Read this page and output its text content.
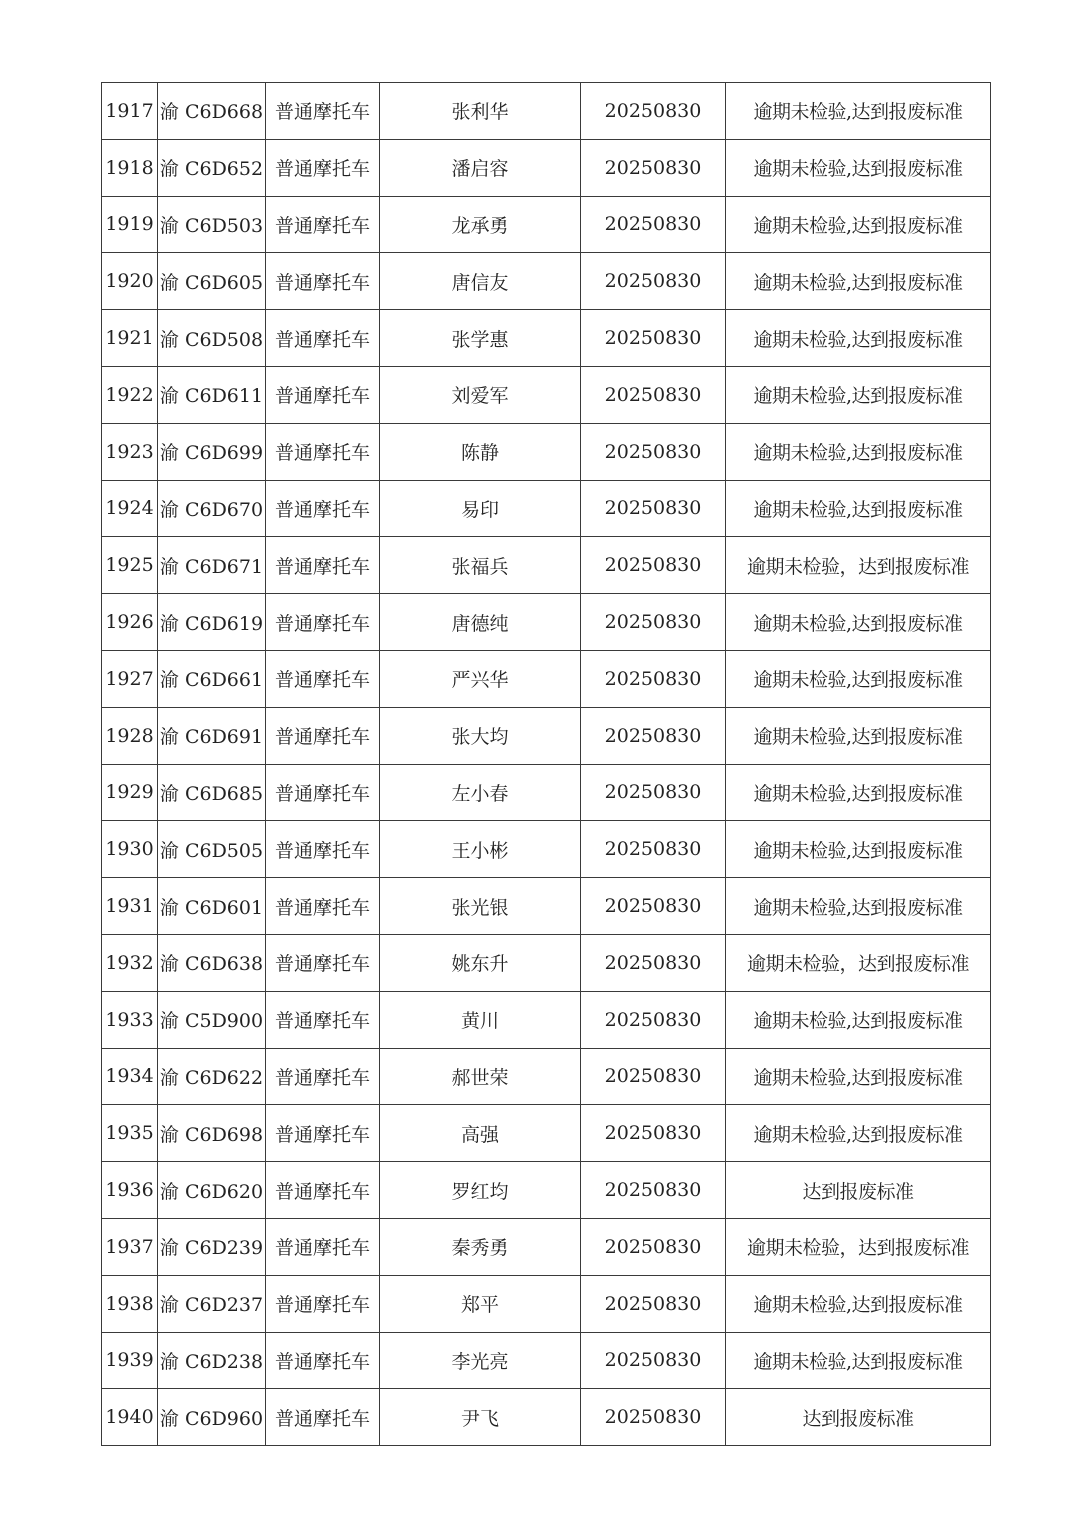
1917	渝 C6D668	普通摩托车	张利华	20250830	逾期未检验,达到报废标准
1918	渝 C6D652	普通摩托车	潘启容	20250830	逾期未检验,达到报废标准
1919	渝 C6D503	普通摩托车	龙承勇	20250830	逾期未检验,达到报废标准
1920	渝 C6D605	普通摩托车	唐信友	20250830	逾期未检验,达到报废标准
1921	渝 C6D508	普通摩托车	张学惠	20250830	逾期未检验,达到报废标准
1922	渝 C6D611	普通摩托车	刘爱军	20250830	逾期未检验,达到报废标准
1923	渝 C6D699	普通摩托车	陈静	20250830	逾期未检验,达到报废标准
1924	渝 C6D670	普通摩托车	易印	20250830	逾期未检验,达到报废标准
1925	渝 C6D671	普通摩托车	张福兵	20250830	逾期未检验，达到报废标准
1926	渝 C6D619	普通摩托车	唐德纯	20250830	逾期未检验,达到报废标准
1927	渝 C6D661	普通摩托车	严兴华	20250830	逾期未检验,达到报废标准
1928	渝 C6D691	普通摩托车	张大均	20250830	逾期未检验,达到报废标准
1929	渝 C6D685	普通摩托车	左小春	20250830	逾期未检验,达到报废标准
1930	渝 C6D505	普通摩托车	王小彬	20250830	逾期未检验,达到报废标准
1931	渝 C6D601	普通摩托车	张光银	20250830	逾期未检验,达到报废标准
1932	渝 C6D638	普通摩托车	姚东升	20250830	逾期未检验，达到报废标准
1933	渝 C5D900	普通摩托车	黄川	20250830	逾期未检验,达到报废标准
1934	渝 C6D622	普通摩托车	郝世荣	20250830	逾期未检验,达到报废标准
1935	渝 C6D698	普通摩托车	高强	20250830	逾期未检验,达到报废标准
1936	渝 C6D620	普通摩托车	罗红均	20250830	达到报废标准
1937	渝 C6D239	普通摩托车	秦秀勇	20250830	逾期未检验，达到报废标准
1938	渝 C6D237	普通摩托车	郑平	20250830	逾期未检验,达到报废标准
1939	渝 C6D238	普通摩托车	李光亮	20250830	逾期未检验,达到报废标准
1940	渝 C6D960	普通摩托车	尹飞	20250830	达到报废标准
